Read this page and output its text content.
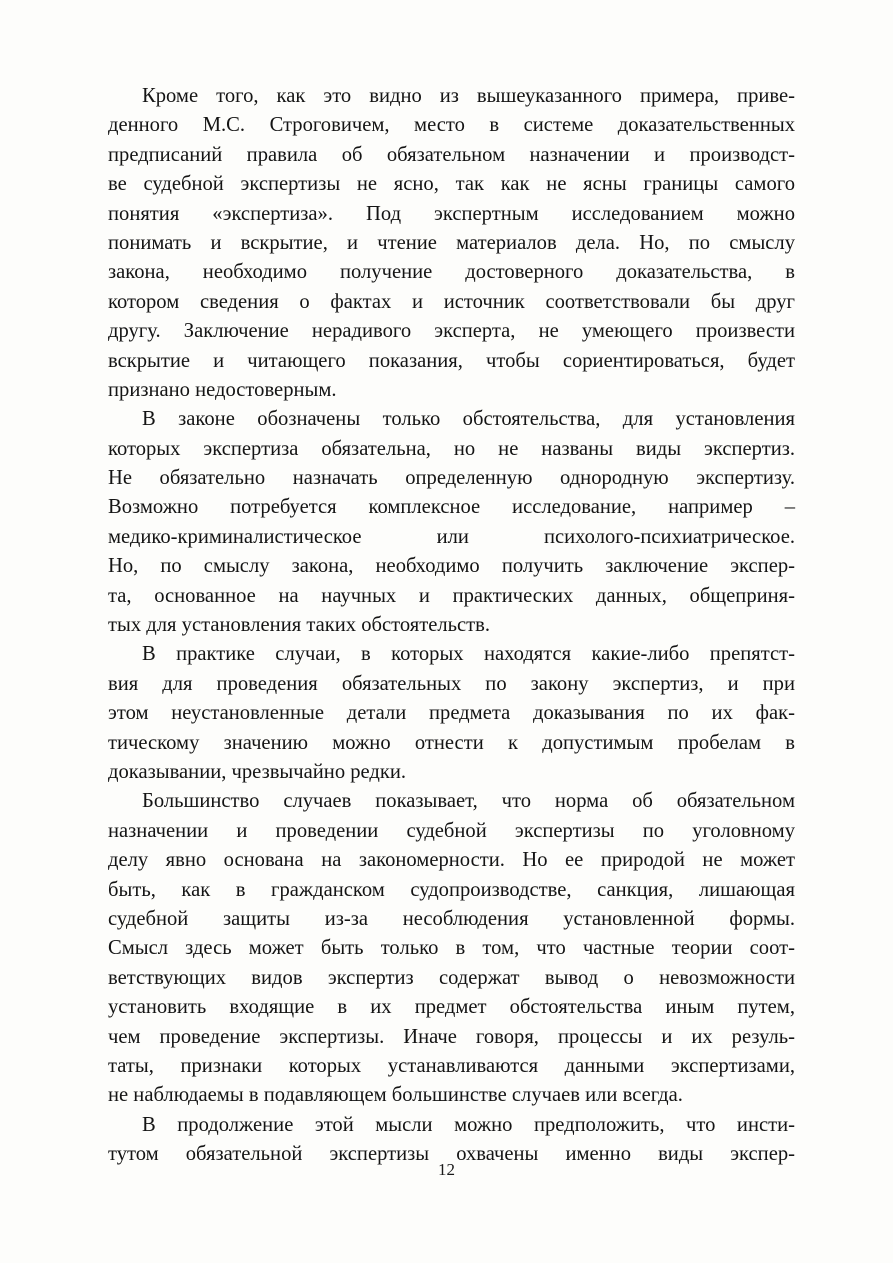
Кроме того, как это видно из вышеуказанного примера, приве-
денного М.С. Строговичем, место в системе доказательственных
предписаний правила об обязательном назначении и производст-
ве судебной экспертизы не ясно, так как не ясны границы самого
понятия «экспертиза». Под экспертным исследованием можно
понимать и вскрытие, и чтение материалов дела. Но, по смыслу
закона, необходимо получение достоверного доказательства, в
котором сведения о фактах и источник соответствовали бы друг
другу. Заключение нерадивого эксперта, не умеющего произвести
вскрытие и читающего показания, чтобы сориентироваться, будет
признано недостоверным.
В законе обозначены только обстоятельства, для установления
которых экспертиза обязательна, но не названы виды экспертиз.
Не обязательно назначать определенную однородную экспертизу.
Возможно потребуется комплексное исследование, например –
медико-криминалистическое или психолого-психиатрическое.
Но, по смыслу закона, необходимо получить заключение экспер-
та, основанное на научных и практических данных, общеприня-
тых для установления таких обстоятельств.
В практике случаи, в которых находятся какие-либо препятст-
вия для проведения обязательных по закону экспертиз, и при
этом неустановленные детали предмета доказывания по их фак-
тическому значению можно отнести к допустимым пробелам в
доказывании, чрезвычайно редки.
Большинство случаев показывает, что норма об обязательном
назначении и проведении судебной экспертизы по уголовному
делу явно основана на закономерности. Но ее природой не может
быть, как в гражданском судопроизводстве, санкция, лишающая
судебной защиты из-за несоблюдения установленной формы.
Смысл здесь может быть только в том, что частные теории соот-
ветствующих видов экспертиз содержат вывод о невозможности
установить входящие в их предмет обстоятельства иным путем,
чем проведение экспертизы. Иначе говоря, процессы и их резуль-
таты, признаки которых устанавливаются данными экспертизами,
не наблюдаемы в подавляющем большинстве случаев или всегда.
В продолжение этой мысли можно предположить, что инсти-
тутом обязательной экспертизы охвачены именно виды экспер-
12
